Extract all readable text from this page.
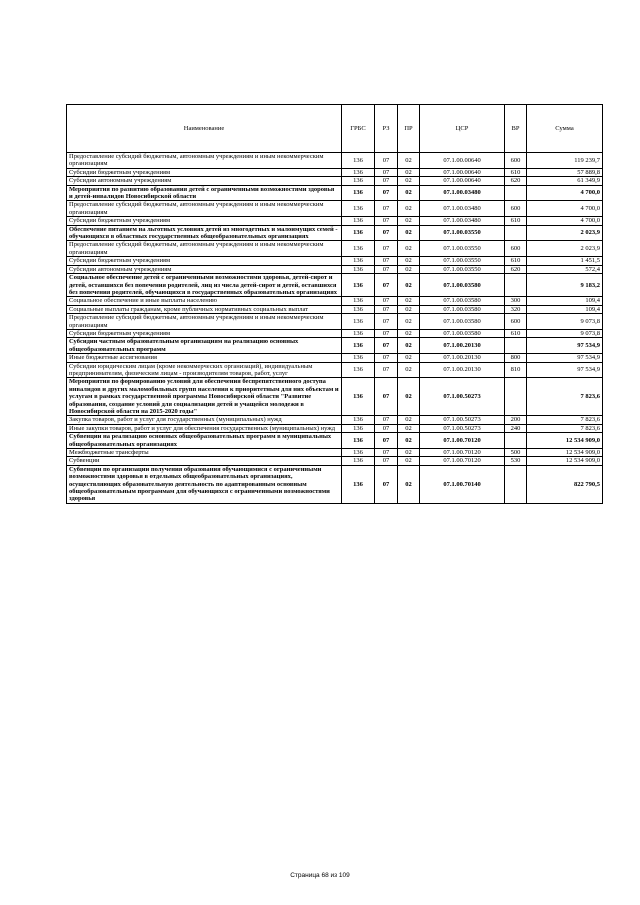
Наименование	ГРБС	РЗ	ПР	ЦСР	ВР	Сумма
Предоставление субсидий бюджетным, автономным учреждениям и иным некоммерческим организациям	136	07	02	07.1.00.00640	600	119 239,7
Субсидии бюджетным учреждениям	136	07	02	07.1.00.00640	610	57 889,8
Субсидии автономным учреждениям	136	07	02	07.1.00.00640	620	61 349,9
Мероприятия по развитию образования детей с ограниченными возможностями здоровья и детей-инвалидов Новосибирской области	136	07	02	07.1.00.03480		4 700,0
Предоставление субсидий бюджетным, автономным учреждениям и иным некоммерческим организациям	136	07	02	07.1.00.03480	600	4 700,0
Субсидии бюджетным учреждениям	136	07	02	07.1.00.03480	610	4 700,0
Обеспечение питанием на льготных условиях детей из многодетных и малоимущих семей - обучающихся в областных государственных общеобразовательных организациях	136	07	02	07.1.00.03550		2 023,9
Предоставление субсидий бюджетным, автономным учреждениям и иным некоммерческим организациям	136	07	02	07.1.00.03550	600	2 023,9
Субсидии бюджетным учреждениям	136	07	02	07.1.00.03550	610	1 451,5
Субсидии автономным учреждениям	136	07	02	07.1.00.03550	620	572,4
Социальное обеспечение детей с ограниченными возможностями здоровья, детей-сирот и детей, оставшихся без попечения родителей, лиц из числа детей-сирот и детей, оставшихся без попечения родителей, обучающихся в государственных образовательных организациях	136	07	02	07.1.00.03580		9 183,2
Социальное обеспечение и иные выплаты населению	136	07	02	07.1.00.03580	300	109,4
Социальные выплаты гражданам, кроме публичных нормативных социальных выплат	136	07	02	07.1.00.03580	320	109,4
Предоставление субсидий бюджетным, автономным учреждениям и иным некоммерческим организациям	136	07	02	07.1.00.03580	600	9 073,8
Субсидии бюджетным учреждениям	136	07	02	07.1.00.03580	610	9 073,8
Субсидии частным образовательным организациям на реализацию основных общеобразовательных программ	136	07	02	07.1.00.20130		97 534,9
Иные бюджетные ассигнования	136	07	02	07.1.00.20130	800	97 534,9
Субсидии юридическим лицам (кроме некоммерческих организаций), индивидуальным предпринимателям, физическим лицам - производителям товаров, работ, услуг	136	07	02	07.1.00.20130	810	97 534,9
Мероприятия по формированию условий для обеспечения беспрепятственного доступа инвалидов и других маломобильных групп населения к приоритетным для них объектам и услугам в рамках государственной программы Новосибирской области "Развитие образования, создание условий для социализации детей и учащейся молодежи в Новосибирской области на 2015-2020 годы"	136	07	02	07.1.00.50273		7 823,6
Закупка товаров, работ и услуг для государственных (муниципальных) нужд	136	07	02	07.1.00.50273	200	7 823,6
Иные закупки товаров, работ и услуг для обеспечения государственных (муниципальных) нужд	136	07	02	07.1.00.50273	240	7 823,6
Субвенции на реализацию основных общеобразовательных программ в муниципальных общеобразовательных организациях	136	07	02	07.1.00.70120		12 534 909,0
Межбюджетные трансферты	136	07	02	07.1.00.70120	500	12 534 909,0
Субвенции	136	07	02	07.1.00.70120	530	12 534 909,0
Субвенции по организации получения образования обучающимися с ограниченными возможностями здоровья в отдельных общеобразовательных организациях, осуществляющих образовательную деятельность по адаптированным основным общеобразовательным программам для обучающихся с ограниченными возможностями здоровья	136	07	02	07.1.00.70140		822 790,5
Страница 68 из 109
